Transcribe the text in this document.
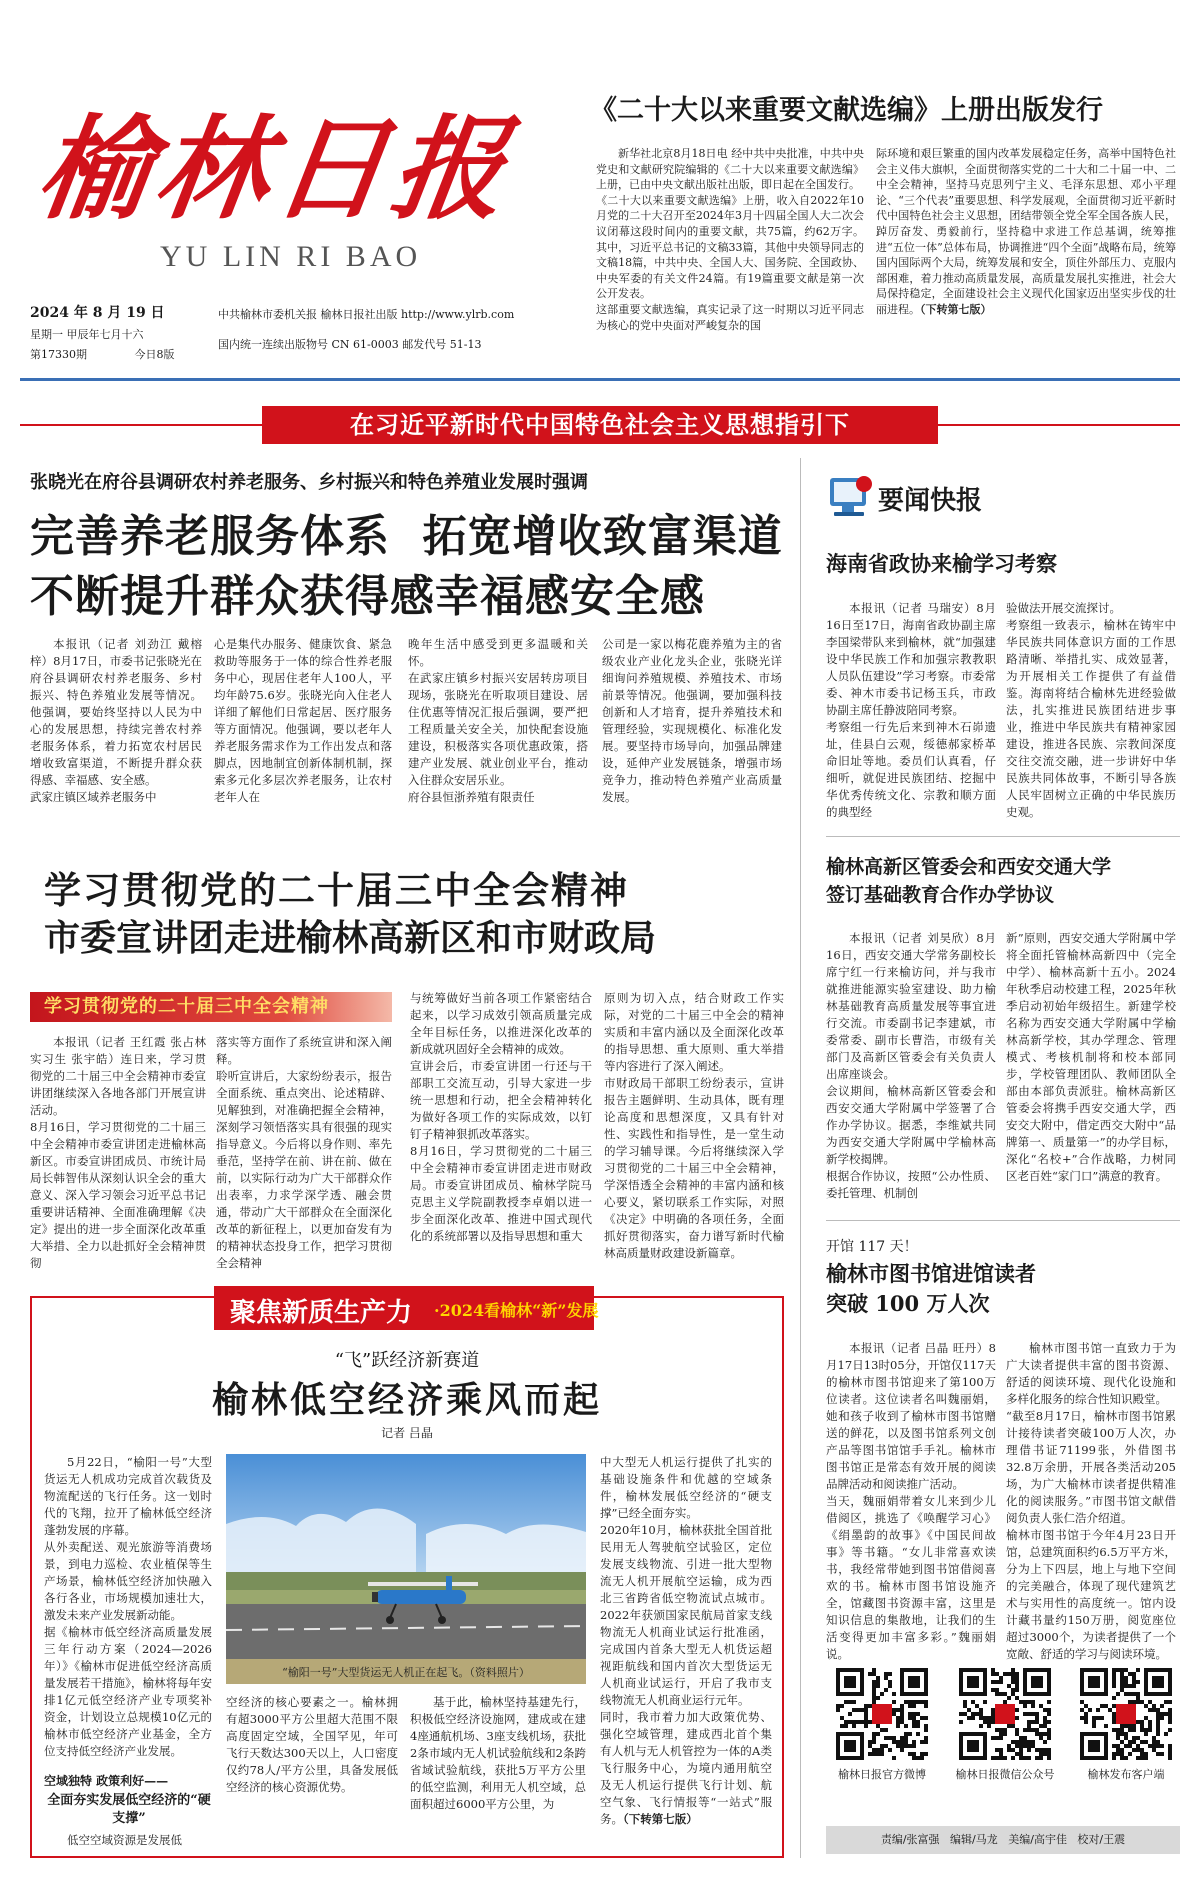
榆林日报
YU LIN RI BAO
2024 年 8 月 19 日
星期一 甲辰年七月十六
第17330期	今日8版
中共榆林市委机关报 榆林日报社出版 http://www.ylrb.com
国内统一连续出版物号 CN 61-0003 邮发代号 51-13
《二十大以来重要文献选编》上册出版发行

新华社北京8月18日电 经中共中央批准，中共中央党史和文献研究院编辑的《二十大以来重要文献选编》上册，已由中央文献出版社出版，即日起在全国发行。
《二十大以来重要文献选编》上册，收入自2022年10月党的二十大召开至2024年3月十四届全国人大二次会议闭幕这段时间内的重要文献，共75篇，约62万字。其中，习近平总书记的文稿33篇，其他中央领导同志的文稿18篇，中共中央、全国人大、国务院、全国政协、中央军委的有关文件24篇。有19篇重要文献是第一次公开发表。
这部重要文献选编，真实记录了这一时期以习近平同志为核心的党中央面对严峻复杂的国

际环境和艰巨繁重的国内改革发展稳定任务，高举中国特色社会主义伟大旗帜，全面贯彻落实党的二十大和二十届一中、二中全会精神，坚持马克思列宁主义、毛泽东思想、邓小平理论、“三个代表”重要思想、科学发展观，全面贯彻习近平新时代中国特色社会主义思想，团结带领全党全军全国各族人民，踔厉奋发、勇毅前行，坚持稳中求进工作总基调，统筹推进“五位一体”总体布局，协调推进“四个全面”战略布局，统筹国内国际两个大局，统筹发展和安全，顶住外部压力、克服内部困难，着力推动高质量发展，高质量发展扎实推进，社会大局保持稳定，全面建设社会主义现代化国家迈出坚实步伐的壮丽进程。（下转第七版）

在习近平新时代中国特色社会主义思想指引下
张晓光在府谷县调研农村养老服务、乡村振兴和特色养殖业发展时强调
完善养老服务体系  拓宽增收致富渠道
不断提升群众获得感幸福感安全感

本报讯（记者 刘劲江 戴榕梓）8月17日，市委书记张晓光在府谷县调研农村养老服务、乡村振兴、特色养殖业发展等情况。他强调，要始终坚持以人民为中心的发展思想，持续完善农村养老服务体系，着力拓宽农村居民增收致富渠道，不断提升群众获得感、幸福感、安全感。
武家庄镇区域养老服务中

心是集代办服务、健康饮食、紧急救助等服务于一体的综合性养老服务中心，现居住老年人100人，平均年龄75.6岁。张晓光向入住老人详细了解他们日常起居、医疗服务等方面情况。他强调，要以老年人养老服务需求作为工作出发点和落脚点，因地制宜创新体制机制，探索多元化多层次养老服务，让农村老年人在

晚年生活中感受到更多温暖和关怀。
在武家庄镇乡村振兴安居转房项目现场，张晓光在听取项目建设、居住优惠等情况汇报后强调，要严把工程质量关安全关，加快配套设施建设，积极落实各项优惠政策，搭建产业发展、就业创业平台，推动入住群众安居乐业。
府谷县恒浙养殖有限责任

公司是一家以梅花鹿养殖为主的省级农业产业化龙头企业，张晓光详细询问养殖规模、养殖技术、市场前景等情况。他强调，要加强科技创新和人才培育，提升养殖技术和管理经验，实现规模化、标准化发展。要坚持市场导向，加强品牌建设，延伸产业发展链条，增强市场竞争力，推动特色养殖产业高质量发展。

要闻快报
海南省政协来榆学习考察

本报讯（记者 马瑞安）8月16日至17日，海南省政协副主席李国梁带队来到榆林，就“加强建设中华民族工作和加强宗教教职人员队伍建设”学习考察。市委常委、神木市委书记杨玉兵，市政协副主席任静波陪同考察。
考察组一行先后来到神木石峁遗址，佳县白云观，绥德郝家桥革命旧址等地。委员们认真看，仔细听，就促进民族团结、挖掘中华优秀传统文化、宗教和顺方面的典型经

验做法开展交流探讨。
考察组一致表示，榆林在铸牢中华民族共同体意识方面的工作思路清晰、举措扎实、成效显著，为开展相关工作提供了有益借鉴。海南将结合榆林先进经验做法，扎实推进民族团结进步事业，推进中华民族共有精神家园建设，推进各民族、宗教间深度交往交流交融，进一步讲好中华民族共同体故事，不断引导各族人民牢固树立正确的中华民族历史观。

榆林高新区管委会和西安交通大学
签订基础教育合作办学协议

本报讯（记者 刘昊欣）8月16日，西安交通大学常务副校长席宁红一行来榆访问，并与我市就推进能源实验室建设、助力榆林基础教育高质量发展等事宜进行交流。市委副书记李建斌，市委常委、副市长曹浩，市级有关部门及高新区管委会有关负责人出席座谈会。
会议期间，榆林高新区管委会和西安交通大学附属中学签署了合作办学协议。据悉，李维斌共同为西安交通大学附属中学榆林高新学校揭牌。
根据合作协议，按照“公办性质、委托管理、机制创

新”原则，西安交通大学附属中学将全面托管榆林高新四中（完全中学）、榆林高新十五小。2024年秋季启动校建工程，2025年秋季启动初始年级招生。新建学校名称为西安交通大学附属中学榆林高新学校，其办学理念、管理模式、考核机制将和校本部同步，学校管理团队、教师团队全部由本部负责派驻。榆林高新区管委会将携手西安交通大学，西安交大附中，借定西交大附中“品牌第一、质量第一”的办学目标，深化“名校+”合作战略，力树同区老百姓“家门口”满意的教育。

开馆 117 天！
榆林市图书馆进馆读者
突破 100 万人次

本报讯（记者 吕晶 旺丹）8月17日13时05分，开馆仅117天的榆林市图书馆迎来了第100万位读者。这位读者名叫魏丽娟，她和孩子收到了榆林市图书馆赠送的鲜花，以及图书馆系列文创产品等图书馆馆手手礼。榆林市图书馆正是常态有效开展的阅读品牌活动和阅读推广活动。
当天，魏丽娟带着女儿来到少儿借阅区，挑选了《唤醒学习心》《绢墨韵的故事》《中国民间故事》等书籍。“女儿非常喜欢读书，我经常带她到图书馆借阅喜欢的书。榆林市图书馆设施齐全，馆藏图书资源丰富，这里是知识信息的集散地，让我们的生活变得更加丰富多彩。”魏丽娟说。

榆林市图书馆一直致力于为广大读者提供丰富的图书资源、舒适的阅读环境、现代化设施和多样化服务的综合性知识殿堂。
“截至8月17日，榆林市图书馆累计接待读者突破100万人次，办理借书证71199张，外借图书32.8万余册，开展各类活动205场，为广大榆林市读者提供精准化的阅读服务。”市图书馆文献借阅负责人张仁浩介绍道。
榆林市图书馆于今年4月23日开馆，总建筑面积约6.5万平方米，分为上下四层，地上与地下空间的完美融合，体现了现代建筑艺术与实用性的高度统一。馆内设计藏书量约150万册，阅览座位超过3000个，为读者提供了一个宽敞、舒适的学习与阅读环境。

榆林日报官方微博	榆林日报微信公众号	榆林发布客户端
责编/张富强   编辑/马龙   美编/高宇佳   校对/王震
学习贯彻党的二十届三中全会精神
市委宣讲团走进榆林高新区和市财政局
学习贯彻党的二十届三中全会精神

本报讯（记者 王红霞 张占林 实习生 张宇皓）连日来，学习贯彻党的二十届三中全会精神市委宣讲团继续深入各地各部门开展宣讲活动。
8月16日，学习贯彻党的二十届三中全会精神市委宣讲团走进榆林高新区。市委宣讲团成员、市统计局局长韩智伟从深刻认识全会的重大意义、深入学习领会习近平总书记重要讲话精神、全面准确理解《决定》提出的进一步全面深化改革重大举措、全力以赴抓好全会精神贯彻

落实等方面作了系统宣讲和深入阐释。
聆听宣讲后，大家纷纷表示，报告全面系统、重点突出、论述精辟、见解独到，对准确把握全会精神，深刻学习领悟落实具有很强的现实指导意义。今后将以身作则、率先垂范，坚持学在前、讲在前、做在前，以实际行动为广大干部群众作出表率，力求学深学透、融会贯通，带动广大干部群众在全面深化改革的新征程上，以更加奋发有为的精神状态投身工作，把学习贯彻全会精神

与统筹做好当前各项工作紧密结合起来，以学习成效引领高质量完成全年目标任务，以推进深化改革的新成就巩固好全会精神的成效。
宣讲会后，市委宣讲团一行还与干部职工交流互动，引导大家进一步统一思想和行动，把全会精神转化为做好各项工作的实际成效，以钉钉子精神狠抓改革落实。
8月16日，学习贯彻党的二十届三中全会精神市委宣讲团走进市财政局。市委宣讲团成员、榆林学院马克思主义学院副教授李卓娟以进一步全面深化改革、推进中国式现代化的系统部署以及指导思想和重大

原则为切入点，结合财政工作实际，对党的二十届三中全会的精神实质和丰富内涵以及全面深化改革的指导思想、重大原则、重大举措等内容进行了深入阐述。
市财政局干部职工纷纷表示，宣讲报告主题鲜明、生动具体，既有理论高度和思想深度，又具有针对性、实践性和指导性，是一堂生动的学习辅导课。今后将继续深入学习贯彻党的二十届三中全会精神，学深悟透全会精神的丰富内涵和核心要义，紧切联系工作实际，对照《决定》中明确的各项任务，全面抓好贯彻落实，奋力谱写新时代榆林高质量财政建设新篇章。

聚焦新质生产力 ·2024看榆林“新”发展
“飞”跃经济新赛道
榆林低空经济乘风而起
记者 吕晶

5月22日，“榆阳一号”大型货运无人机成功完成首次载货及物流配送的飞行任务。这一划时代的飞翔，拉开了榆林低空经济蓬勃发展的序幕。
从外卖配送、观光旅游等消费场景，到电力巡检、农业植保等生产场景，榆林低空经济加快融入各行各业，市场规模加速壮大，激发未来产业发展新动能。
据《榆林市低空经济高质量发展三年行动方案（2024—2026年）》《榆林市促进低空经济高质量发展若干措施》，榆林将每年安排1亿元低空经济产业专项奖补资金，计划设立总规模10亿元的榆林市低空经济产业基金，全方位支持低空经济产业发展。

空域独特 政策利好——
全面夯实发展低空经济的“硬支撑”
低空空域资源是发展低
“榆阳一号”大型货运无人机正在起飞。（资料照片）

空经济的核心要素之一。榆林拥有超3000平方公里超大范围不限高度固定空域，全国罕见，年可飞行天数达300天以上，人口密度仅约78人/平方公里，具备发展低空经济的核心资源优势。

基于此，榆林坚持基建先行，积极低空经济设施网，建成或在建4座通航机场、3座支线机场，获批2条市域内无人机试验航线和2条跨省域试验航线，获批5万平方公里的低空监测，利用无人机空域，总面积超过6000平方公里，为

中大型无人机运行提供了扎实的基础设施条件和优越的空域条件，榆林发展低空经济的“硬支撑”已经全面夯实。
2020年10月，榆林获批全国首批民用无人驾驶航空试验区，定位发展支线物流、引进一批大型物流无人机开展航空运输，成为西北三省跨省低空物流试点城市。2022年获颁国家民航局首家支线物流无人机商业试运行批准函，完成国内首条大型无人机货运超视距航线和国内首次大型货运无人机商业试运行，开启了我市支线物流无人机商业运行元年。
同时，我市着力加大政策优势、强化空域管理，建成西北首个集有人机与无人机管控为一体的A类飞行服务中心，为境内通用航空及无人机运行提供飞行计划、航空气象、飞行情报等“一站式”服务。（下转第七版）
